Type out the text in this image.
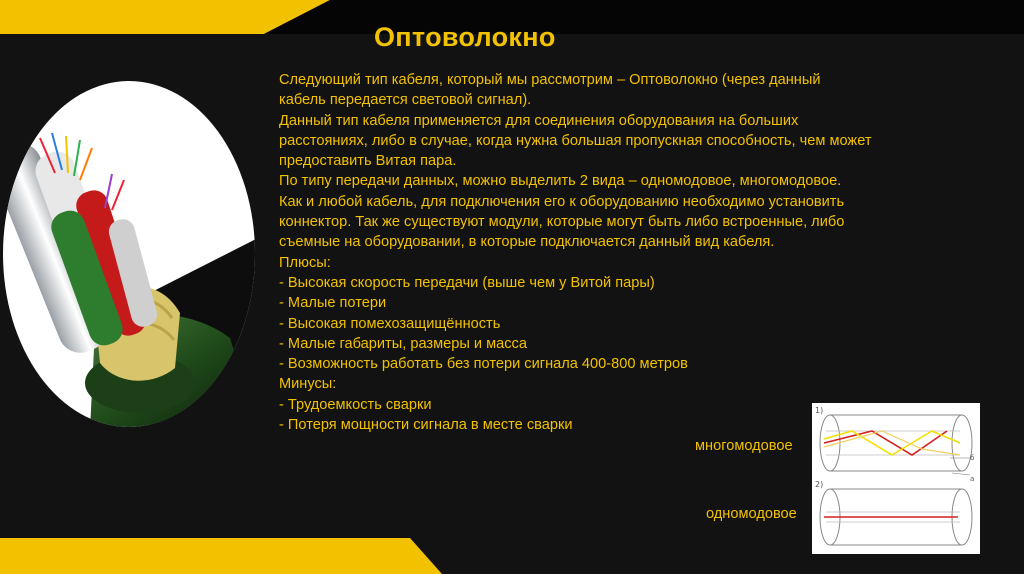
Оптоволокно
Следующий тип кабеля, который мы рассмотрим – Оптоволокно (через данный
кабель передается световой сигнал).
Данный тип кабеля применяется для соединения оборудования на больших
расстояниях, либо в случае, когда нужна большая пропускная способность, чем может
предоставить Витая пара.
По типу передачи данных, можно выделить 2 вида – одномодовое, многомодовое.
Как и любой кабель, для подключения его к оборудованию необходимо установить
коннектор. Так же существуют модули, которые могут быть либо встроенные, либо
съемные на оборудовании, в которые подключается данный вид кабеля.
Плюсы:
- Высокая скорость передачи (выше чем у Витой пары)
- Малые потери
- Высокая помехозащищённость
- Малые габариты, размеры и масса
- Возможность работать без потери сигнала 400-800 метров
Минусы:
- Трудоемкость сварки
- Потеря мощности сигнала в месте сварки
многомодовое
одномодовое
1)
б
а
2)
